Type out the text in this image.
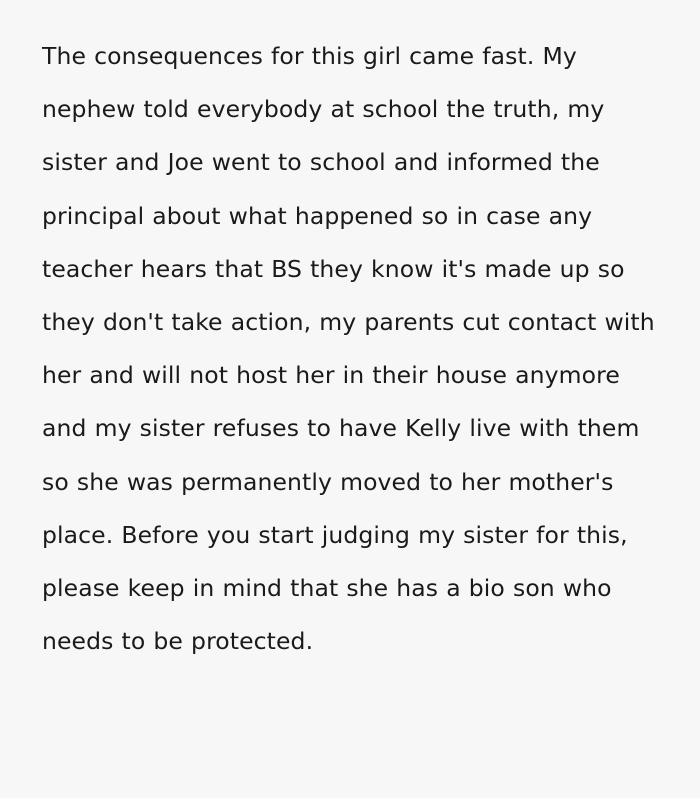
The consequences for this girl came fast. My nephew told everybody at school the truth, my sister and Joe went to school and informed the principal about what happened so in case any teacher hears that BS they know it's made up so they don't take action, my parents cut contact with her and will not host her in their house anymore and my sister refuses to have Kelly live with them so she was permanently moved to her mother's place. Before you start judging my sister for this, please keep in mind that she has a bio son who needs to be protected.
